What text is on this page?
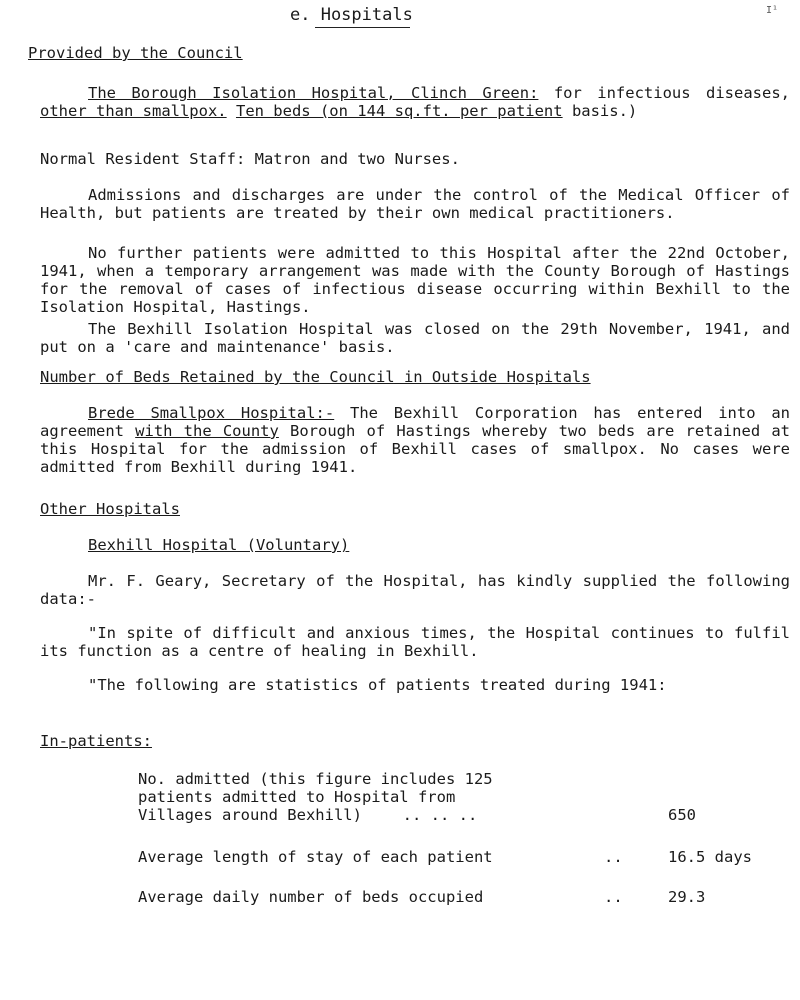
I¹
e. Hospitals
Provided by the Council

The Borough Isolation Hospital, Clinch Green: for infectious diseases, other than smallpox. Ten beds (on 144 sq.ft. per patient basis.)

Normal Resident Staff: Matron and two Nurses.

Admissions and discharges are under the control of the Medical Officer of Health, but patients are treated by their own medical practitioners.

No further patients were admitted to this Hospital after the 22nd October, 1941, when a temporary arrangement was made with the County Borough of Hastings for the removal of cases of infectious disease occurring within Bexhill to the Isolation Hospital, Hastings.

The Bexhill Isolation Hospital was closed on the 29th November, 1941, and put on a 'care and maintenance' basis.

Number of Beds Retained by the Council in Outside Hospitals

Brede Smallpox Hospital:- The Bexhill Corporation has entered into an agreement with the County Borough of Hastings whereby two beds are retained at this Hospital for the admission of Bexhill cases of smallpox. No cases were admitted from Bexhill during 1941.

Other Hospitals
Bexhill Hospital (Voluntary)

Mr. F. Geary, Secretary of the Hospital, has kindly supplied the following data:-

"In spite of difficult and anxious times, the Hospital continues to fulfil its function as a centre of healing in Bexhill.

"The following are statistics of patients treated during 1941:

In-patients:
No. admitted (this figure includes 125
patients admitted to Hospital from
Villages around Bexhill)	.. .. ..	650
Average length of stay of each patient	..	16.5 days
Average daily number of beds occupied	..	29.3
